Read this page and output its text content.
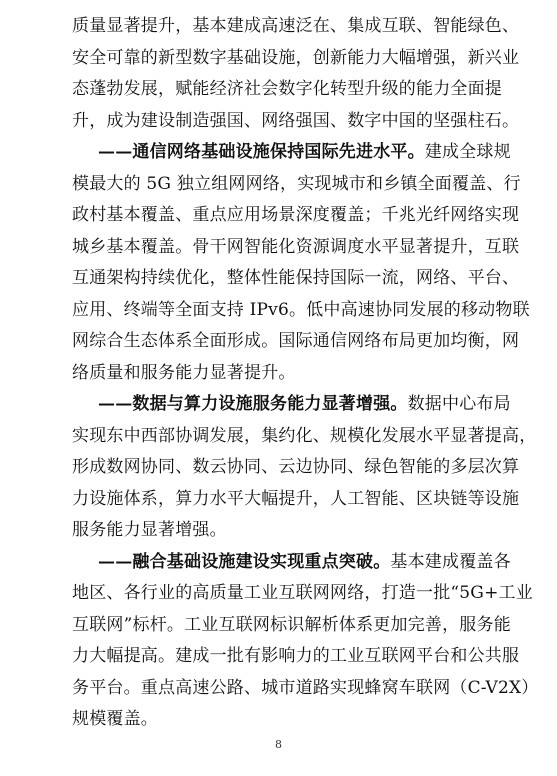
质量显著提升，基本建成高速泛在、集成互联、智能绿色、
安全可靠的新型数字基础设施，创新能力大幅增强，新兴业
态蓬勃发展，赋能经济社会数字化转型升级的能力全面提
升，成为建设制造强国、网络强国、数字中国的坚强柱石。
——通信网络基础设施保持国际先进水平。建成全球规
模最大的 5G 独立组网网络，实现城市和乡镇全面覆盖、行
政村基本覆盖、重点应用场景深度覆盖；千兆光纤网络实现
城乡基本覆盖。骨干网智能化资源调度水平显著提升，互联
互通架构持续优化，整体性能保持国际一流，网络、平台、
应用、终端等全面支持 IPv6。低中高速协同发展的移动物联
网综合生态体系全面形成。国际通信网络布局更加均衡，网
络质量和服务能力显著提升。
——数据与算力设施服务能力显著增强。数据中心布局
实现东中西部协调发展，集约化、规模化发展水平显著提高，
形成数网协同、数云协同、云边协同、绿色智能的多层次算
力设施体系，算力水平大幅提升，人工智能、区块链等设施
服务能力显著增强。
——融合基础设施建设实现重点突破。基本建成覆盖各
地区、各行业的高质量工业互联网网络，打造一批“5G+工业
互联网”标杆。工业互联网标识解析体系更加完善，服务能
力大幅提高。建成一批有影响力的工业互联网平台和公共服
8
务平台。重点高速公路、城市道路实现蜂窝车联网（C-V2X）
规模覆盖。
